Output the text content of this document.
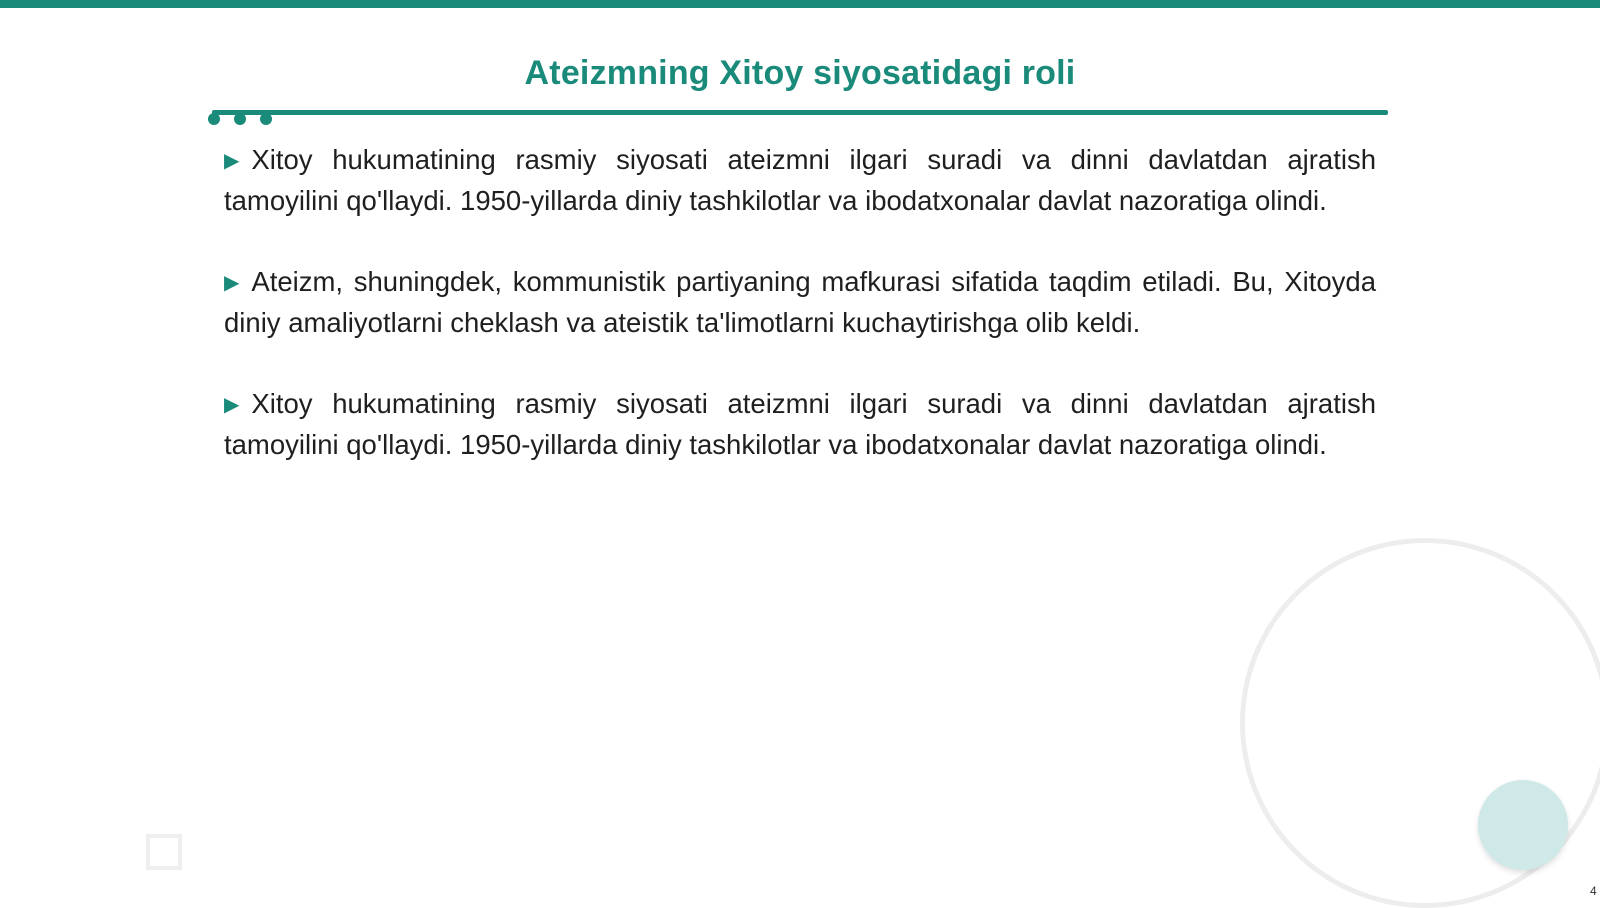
Ateizmning Xitoy siyosatidagi roli

▶ Xitoy hukumatining rasmiy siyosati ateizmni ilgari suradi va dinni davlatdan ajratish tamoyilini qo'llaydi. 1950-yillarda diniy tashkilotlar va ibodatxonalar davlat nazoratiga olindi.

▶ Ateizm, shuningdek, kommunistik partiyaning mafkurasi sifatida taqdim etiladi. Bu, Xitoyda diniy amaliyotlarni cheklash va ateistik ta'limotlarni kuchaytirishga olib keldi.

▶ Xitoy hukumatining rasmiy siyosati ateizmni ilgari suradi va dinni davlatdan ajratish tamoyilini qo'llaydi. 1950-yillarda diniy tashkilotlar va ibodatxonalar davlat nazoratiga olindi.

4
